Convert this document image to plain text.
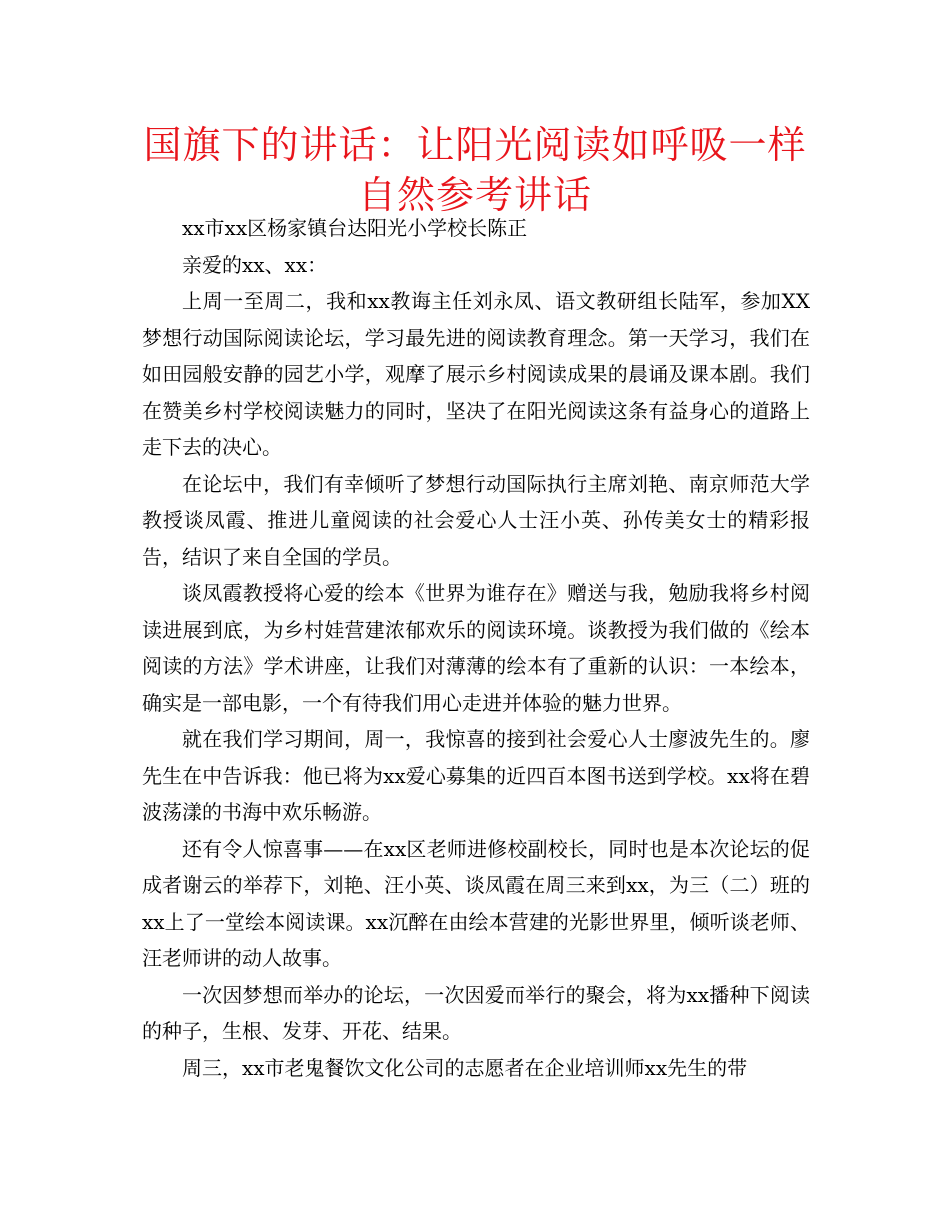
国旗下的讲话：让阳光阅读如呼吸一样自然参考讲话

xx市xx区杨家镇台达阳光小学校长陈正

亲爱的xx、xx：

上周一至周二，我和xx教诲主任刘永凤、语文教研组长陆军，参加XX梦想行动国际阅读论坛，学习最先进的阅读教育理念。第一天学习，我们在如田园般安静的园艺小学，观摩了展示乡村阅读成果的晨诵及课本剧。我们在赞美乡村学校阅读魅力的同时，坚决了在阳光阅读这条有益身心的道路上走下去的决心。

在论坛中，我们有幸倾听了梦想行动国际执行主席刘艳、南京师范大学教授谈凤霞、推进儿童阅读的社会爱心人士汪小英、孙传美女士的精彩报告，结识了来自全国的学员。

谈凤霞教授将心爱的绘本《世界为谁存在》赠送与我，勉励我将乡村阅读进展到底，为乡村娃营建浓郁欢乐的阅读环境。谈教授为我们做的《绘本阅读的方法》学术讲座，让我们对薄薄的绘本有了重新的认识：一本绘本，确实是一部电影，一个有待我们用心走进并体验的魅力世界。

就在我们学习期间，周一，我惊喜的接到社会爱心人士廖波先生的。廖先生在中告诉我：他已将为xx爱心募集的近四百本图书送到学校。xx将在碧波荡漾的书海中欢乐畅游。

还有令人惊喜事——在xx区老师进修校副校长，同时也是本次论坛的促成者谢云的举荐下，刘艳、汪小英、谈凤霞在周三来到xx，为三（二）班的xx上了一堂绘本阅读课。xx沉醉在由绘本营建的光影世界里，倾听谈老师、汪老师讲的动人故事。

一次因梦想而举办的论坛，一次因爱而举行的聚会，将为xx播种下阅读的种子，生根、发芽、开花、结果。

周三，xx市老鬼餐饮文化公司的志愿者在企业培训师xx先生的带
